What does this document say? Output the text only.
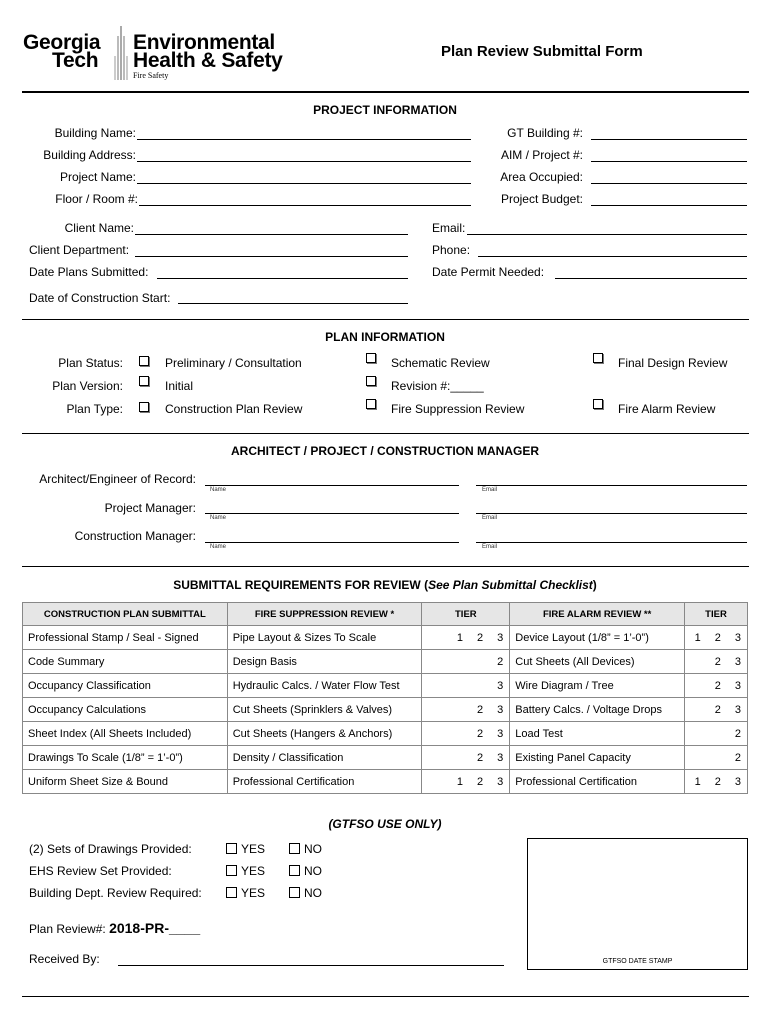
Georgia
Tech
Environmental
Health & Safety
Fire Safety
Plan Review Submittal Form
PROJECT INFORMATION
Building Name:
Building Address:
Project Name:
Floor / Room #:
GT Building #:
AIM / Project #:
Area Occupied:
Project Budget:
Client Name:
Client Department:
Date Plans Submitted:
Date of Construction Start:
Email:
Phone:
Date Permit Needed:
PLAN INFORMATION
Plan Status:	Preliminary / Consultation	Schematic Review	Final Design Review
Plan Version:	Initial	Revision #:_____
Plan Type:	Construction Plan Review	Fire Suppression Review	Fire Alarm Review
ARCHITECT / PROJECT / CONSTRUCTION MANAGER
Architect/Engineer of Record:
Name	Email
Project Manager:
Name	Email
Construction Manager:
Name	Email
SUBMITTAL REQUIREMENTS FOR REVIEW (See Plan Submittal Checklist)
CONSTRUCTION PLAN SUBMITTAL	FIRE SUPPRESSION REVIEW *	TIER	FIRE ALARM REVIEW **	TIER
Professional Stamp / Seal - Signed	Pipe Layout & Sizes To Scale	1 2 3	Device Layout (1/8” = 1’-0”)	1 2 3

Code Summary	Design Basis	2	Cut Sheets (All Devices)	2 3

Occupancy Classification	Hydraulic Calcs. / Water Flow Test	3	Wire Diagram / Tree	2 3

Occupancy Calculations	Cut Sheets (Sprinklers & Valves)	2 3	Battery Calcs. / Voltage Drops	2 3

Sheet Index (All Sheets Included)	Cut Sheets (Hangers & Anchors)	2 3	Load Test	2

Drawings To Scale (1/8” = 1’-0”)	Density / Classification	2 3	Existing Panel Capacity	2

Uniform Sheet Size & Bound	Professional Certification	1 2 3	Professional Certification	1 2 3
(GTFSO USE ONLY)
(2) Sets of Drawings Provided:	YES	NO
EHS Review Set Provided:	YES	NO
Building Dept. Review Required:	YES	NO
Plan Review#: 2018-PR-____
Received By:	GTFSO DATE STAMP
